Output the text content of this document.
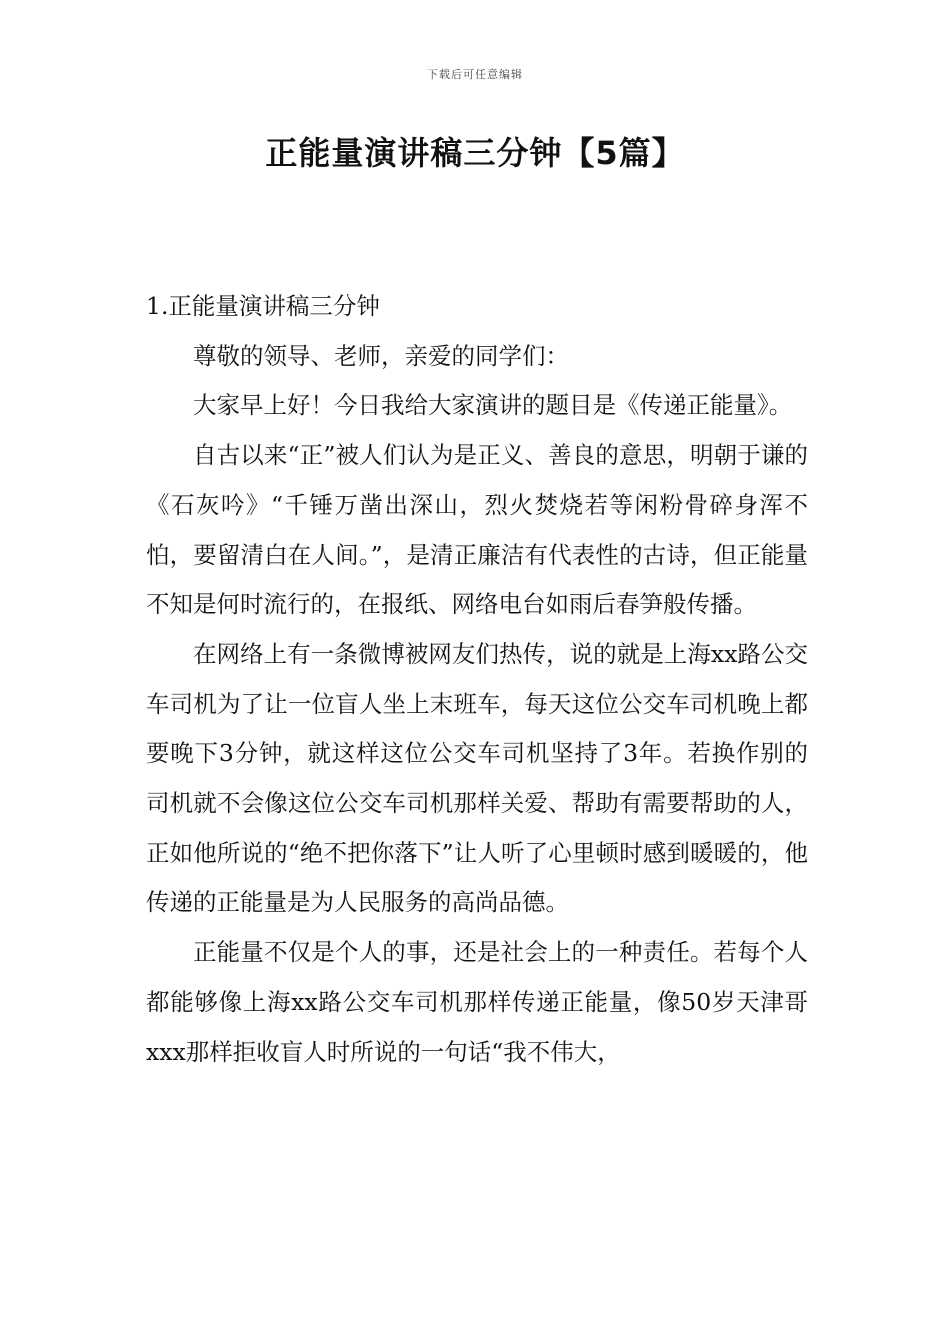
下载后可任意编辑
正能量演讲稿三分钟【5篇】

1.正能量演讲稿三分钟

尊敬的领导、老师，亲爱的同学们：

大家早上好！今日我给大家演讲的题目是《传递正能量》。

自古以来“正”被人们认为是正义、善良的意思，明朝于谦的《石灰吟》“千锤万凿出深山，烈火焚烧若等闲粉骨碎身浑不怕，要留清白在人间。”，是清正廉洁有代表性的古诗，但正能量不知是何时流行的，在报纸、网络电台如雨后春笋般传播。

在网络上有一条微博被网友们热传，说的就是上海xx路公交车司机为了让一位盲人坐上末班车，每天这位公交车司机晚上都要晚下3分钟，就这样这位公交车司机坚持了3年。若换作别的司机就不会像这位公交车司机那样关爱、帮助有需要帮助的人，正如他所说的“绝不把你落下”让人听了心里顿时感到暖暖的，他传递的正能量是为人民服务的高尚品德。

正能量不仅是个人的事，还是社会上的一种责任。若每个人都能够像上海xx路公交车司机那样传递正能量，像50岁天津哥xxx那样拒收盲人时所说的一句话“我不伟大，
